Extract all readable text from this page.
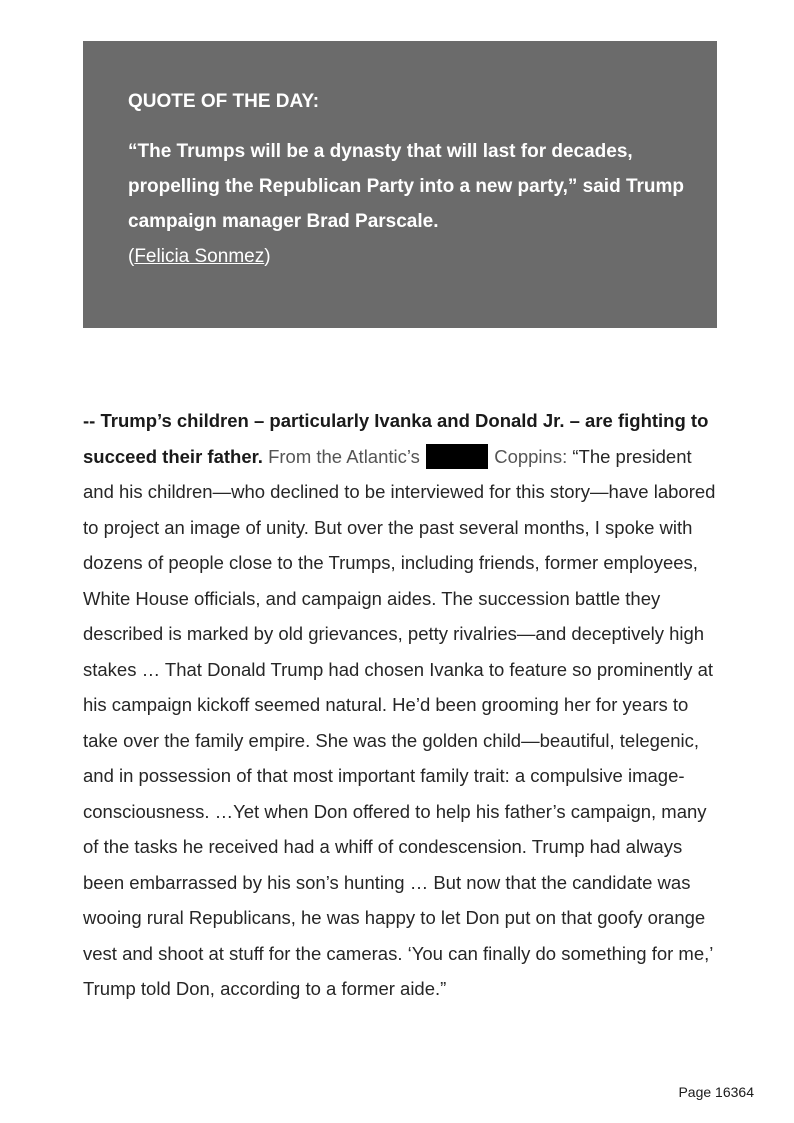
QUOTE OF THE DAY:

“The Trumps will be a dynasty that will last for decades, propelling the Republican Party into a new party,” said Trump campaign manager Brad Parscale.
(Felicia Sonmez)

-- Trump’s children – particularly Ivanka and Donald Jr. – are fighting to succeed their father. From the Atlantic’s	Coppins: “The president and his children—who declined to be interviewed for this story—have labored to project an image of unity. But over the past several months, I spoke with dozens of people close to the Trumps, including friends, former employees, White House officials, and campaign aides. The succession battle they described is marked by old grievances, petty rivalries—and deceptively high stakes … That Donald Trump had chosen Ivanka to feature so prominently at his campaign kickoff seemed natural. He’d been grooming her for years to take over the family empire. She was the golden child—beautiful, telegenic, and in possession of that most important family trait: a compulsive image-consciousness. …Yet when Don offered to help his father’s campaign, many of the tasks he received had a whiff of condescension. Trump had always been embarrassed by his son’s hunting … But now that the candidate was wooing rural Republicans, he was happy to let Don put on that goofy orange vest and shoot at stuff for the cameras. ‘You can finally do something for me,’ Trump told Don, according to a former aide.”

Page 16364
